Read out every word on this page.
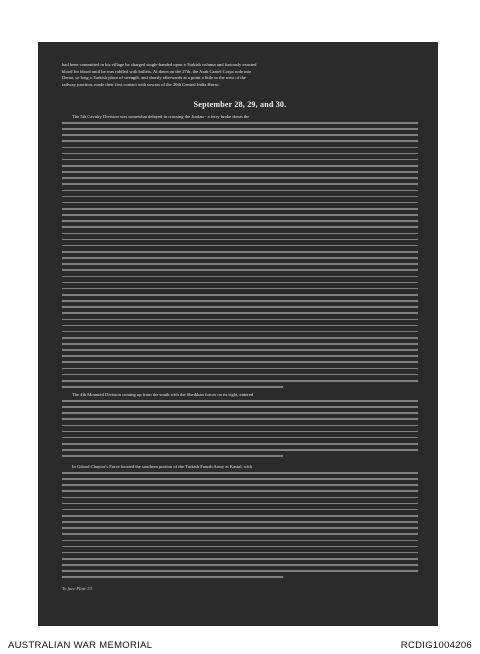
had been committed in his village he charged single-handed upon a Turkish column and furiously exacted
blood for blood until he was riddled with bullets. At dawn on the 27th, the Arab Camel Corps rode into
Deraa, so long a Turkish place of strength, and shortly afterwards at a point a little to the west of the
railway junction, made their first contact with sowars of the 20th Central India Horse.
September 28, 29, and 30.
The 5th Cavalry Division was somewhat delayed in crossing the Jordan - a ferry broke down the
The 4th Mounted Division coming up from the south with the Sheikhan forces on its right, entered
In Gdood Chaytor's Force located the southern portion of the Turkish Fourth Army at Kastal, with
To face Plate 33.
AUSTRALIAN WAR MEMORIAL	RCDIG1004206
